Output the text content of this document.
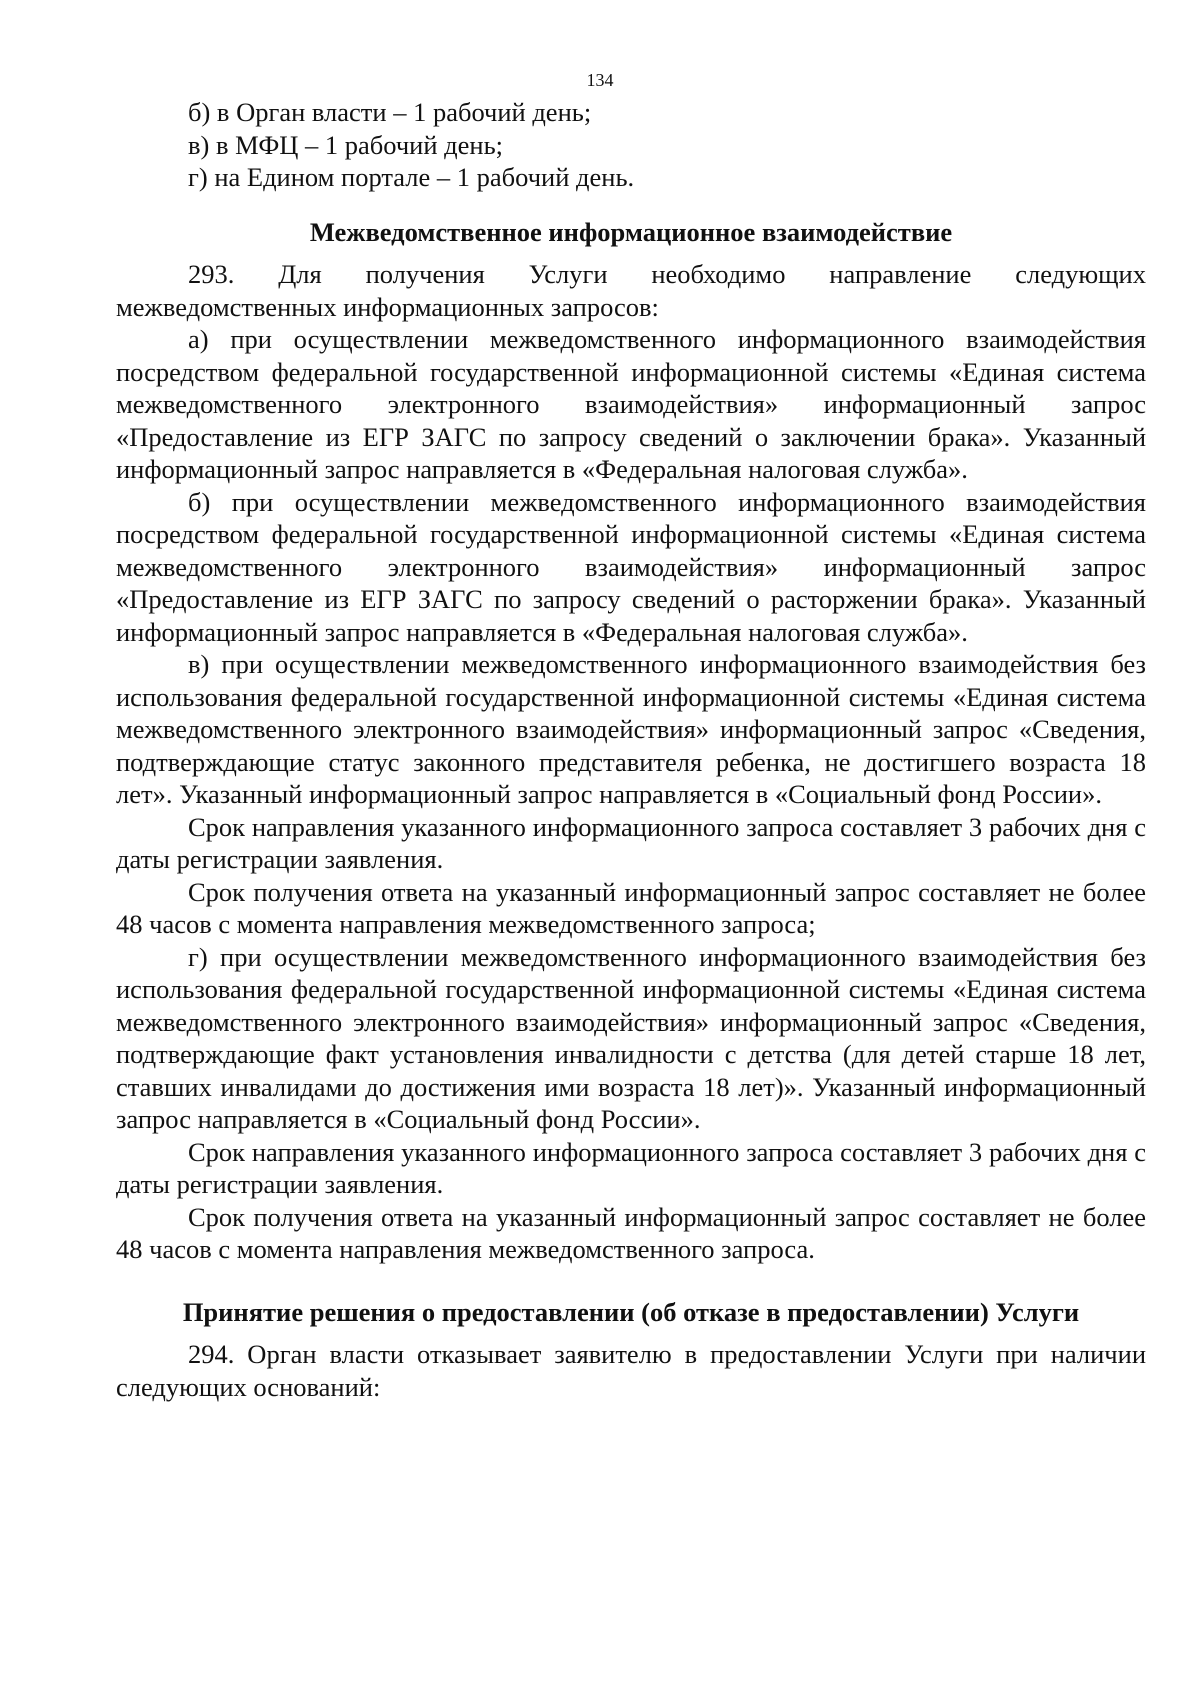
134

б) в Орган власти – 1 рабочий день;

в) в МФЦ – 1 рабочий день;

г) на Едином портале – 1 рабочий день.

Межведомственное информационное взаимодействие

293. Для получения Услуги необходимо направление следующих межведомственных информационных запросов:

а) при осуществлении межведомственного информационного взаимодействия посредством федеральной государственной информационной системы «Единая система межведомственного электронного взаимодействия» информационный запрос «Предоставление из ЕГР ЗАГС по запросу сведений о заключении брака». Указанный информационный запрос направляется в «Федеральная налоговая служба».

б) при осуществлении межведомственного информационного взаимодействия посредством федеральной государственной информационной системы «Единая система межведомственного электронного взаимодействия» информационный запрос «Предоставление из ЕГР ЗАГС по запросу сведений о расторжении брака». Указанный информационный запрос направляется в «Федеральная налоговая служба».

в) при осуществлении межведомственного информационного взаимодействия без использования федеральной государственной информационной системы «Единая система межведомственного электронного взаимодействия» информационный запрос «Сведения, подтверждающие статус законного представителя ребенка, не достигшего возраста 18 лет». Указанный информационный запрос направляется в «Социальный фонд России».

Срок направления указанного информационного запроса составляет 3 рабочих дня с даты регистрации заявления.

Срок получения ответа на указанный информационный запрос составляет не более 48 часов с момента направления межведомственного запроса;

г) при осуществлении межведомственного информационного взаимодействия без использования федеральной государственной информационной системы «Единая система межведомственного электронного взаимодействия» информационный запрос «Сведения, подтверждающие факт установления инвалидности с детства (для детей старше 18 лет, ставших инвалидами до достижения ими возраста 18 лет)». Указанный информационный запрос направляется в «Социальный фонд России».

Срок направления указанного информационного запроса составляет 3 рабочих дня с даты регистрации заявления.

Срок получения ответа на указанный информационный запрос составляет не более 48 часов с момента направления межведомственного запроса.

Принятие решения о предоставлении (об отказе в предоставлении) Услуги

294. Орган власти отказывает заявителю в предоставлении Услуги при наличии следующих оснований:
